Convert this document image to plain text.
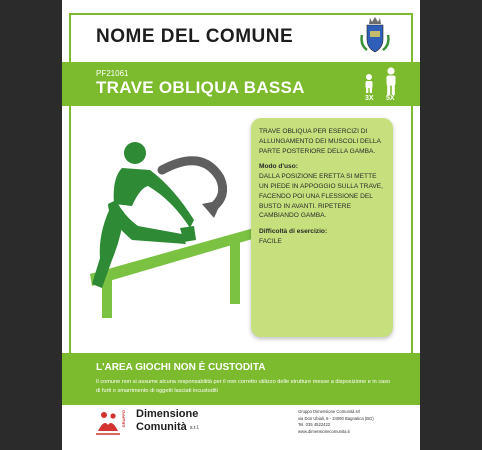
NOME DEL COMUNE
PF21061
TRAVE OBLIQUA BASSA
3X 5X

TRAVE OBLIQUA PER ESERCIZI DI ALLUNGAMENTO DEI MUSCOLI DELLA PARTE POSTERIORE DELLA GAMBA.

Modo d'uso:

DALLA POSIZIONE ERETTA SI METTE UN PIEDE IN APPOGGIO SULLA TRAVE, FACENDO POI UNA FLESSIONE DEL BUSTO IN AVANTI. RIPETERE CAMBIANDO GAMBA.

Difficoltà di esercizio:

FACILE

L'AREA GIOCHI NON È CUSTODITA
Il comune non si assume alcuna responsabilità per il non corretto utilizzo delle strutture messe a disposizione e in caso di furti o smarrimento di oggetti lasciati incustoditi
GRUPPO Dimensione
Comunità s.r.l.
Gruppo Dimensione Comunità srl
via Don Ubiali, 6 - 24060 Bagnatica (BG)
Tel. 035 4522422
www.dimensionecomunita.it
